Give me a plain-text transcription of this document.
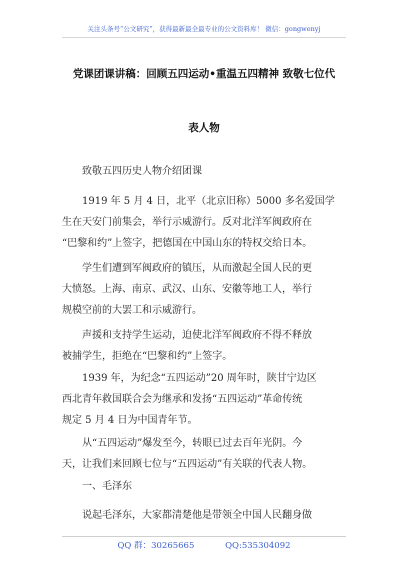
关注头条号“公文研究”，获得最新最全最专业的公文资料库！ 微信：gongwenyj
党课团课讲稿：回顾五四运动•重温五四精神 致敬七位代
表人物
致敬五四历史人物介绍团课
1919 年 5 月 4 日，北平（北京旧称）5000 多名爱国学
生在天安门前集会，举行示威游行。反对北洋军阀政府在
“巴黎和约”上签字，把德国在中国山东的特权交给日本。
学生们遭到军阀政府的镇压，从而激起全国人民的更
大愤怒。上海、南京、武汉、山东、安徽等地工人，举行
规模空前的大罢工和示威游行。
声援和支持学生运动，迫使北洋军阀政府不得不释放
被捕学生，拒绝在“巴黎和约”上签字。
1939 年，为纪念“五四运动”20 周年时，陕甘宁边区
西北青年救国联合会为继承和发扬“五四运动”革命传统
规定 5 月 4 日为中国青年节。
从“五四运动”爆发至今，转眼已过去百年光阴。今
天，让我们来回顾七位与“五四运动”有关联的代表人物。
一、毛泽东
说起毛泽东，大家都清楚他是带领全中国人民翻身做
QQ 群：30265665	QQ:535304092
